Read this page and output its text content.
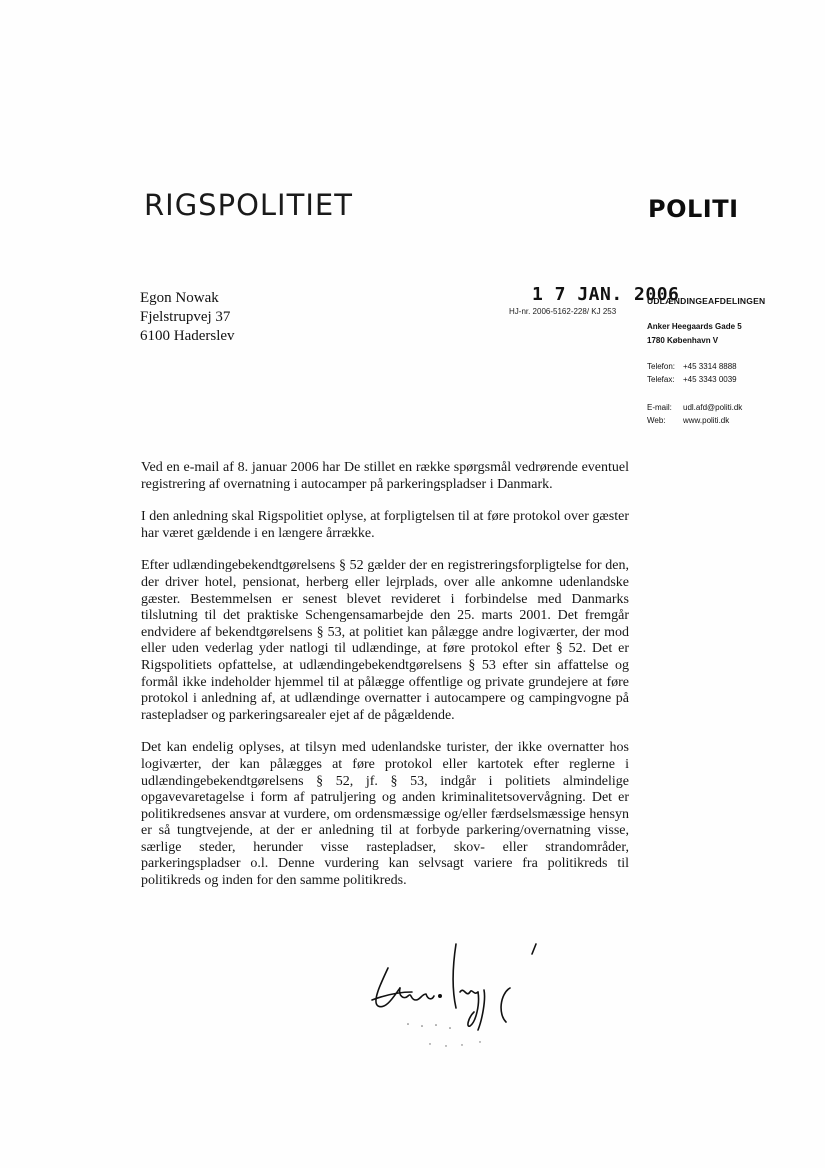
RIGSPOLITIET	POLITI
Egon Nowak
Fjelstrupvej 37
6100 Haderslev
1 7 JAN. 2006
HJ-nr. 2006-5162-228/ KJ 253
UDLÆNDINGEAFDELINGEN
Anker Heegaards Gade 5
1780 København V
Telefon: +45 3314 8888
Telefax: +45 3343 0039
E-mail: udl.afd@politi.dk
Web: www.politi.dk

Ved en e-mail af 8. januar 2006 har De stillet en række spørgsmål vedrørende eventuel registrering af overnatning i autocamper på parkeringspladser i Danmark.

I den anledning skal Rigspolitiet oplyse, at forpligtelsen til at føre protokol over gæster har været gældende i en længere årrække.

Efter udlændingebekendtgørelsens § 52 gælder der en registreringsforpligtelse for den, der driver hotel, pensionat, herberg eller lejrplads, over alle ankomne udenlandske gæster. Bestemmelsen er senest blevet revideret i forbindelse med Danmarks tilslutning til det praktiske Schengensamarbejde den 25. marts 2001. Det fremgår endvidere af bekendtgørelsens § 53, at politiet kan pålægge andre logiværter, der mod eller uden vederlag yder natlogi til udlændinge, at føre protokol efter § 52. Det er Rigspolitiets opfattelse, at udlændingebekendtgørelsens § 53 efter sin affattelse og formål ikke indeholder hjemmel til at pålægge offentlige og private grundejere at føre protokol i anledning af, at udlændinge overnatter i autocampere og campingvogne på rastepladser og parkeringsarealer ejet af de pågældende.

Det kan endelig oplyses, at tilsyn med udenlandske turister, der ikke overnatter hos logiværter, der kan pålægges at føre protokol eller kartotek efter reglerne i udlændingebekendtgørelsens § 52, jf. § 53, indgår i politiets almindelige opgavevaretagelse i form af patruljering og anden kriminalitetsovervågning. Det er politikredsenes ansvar at vurdere, om ordensmæssige og/eller færdselsmæssige hensyn er så tungtvejende, at der er anledning til at forbyde parkering/overnatning visse, særlige steder, herunder visse rastepladser, skov- eller strandområder, parkeringspladser o.l. Denne vurdering kan selvsagt variere fra politikreds til politikreds og inden for den samme politikreds.
